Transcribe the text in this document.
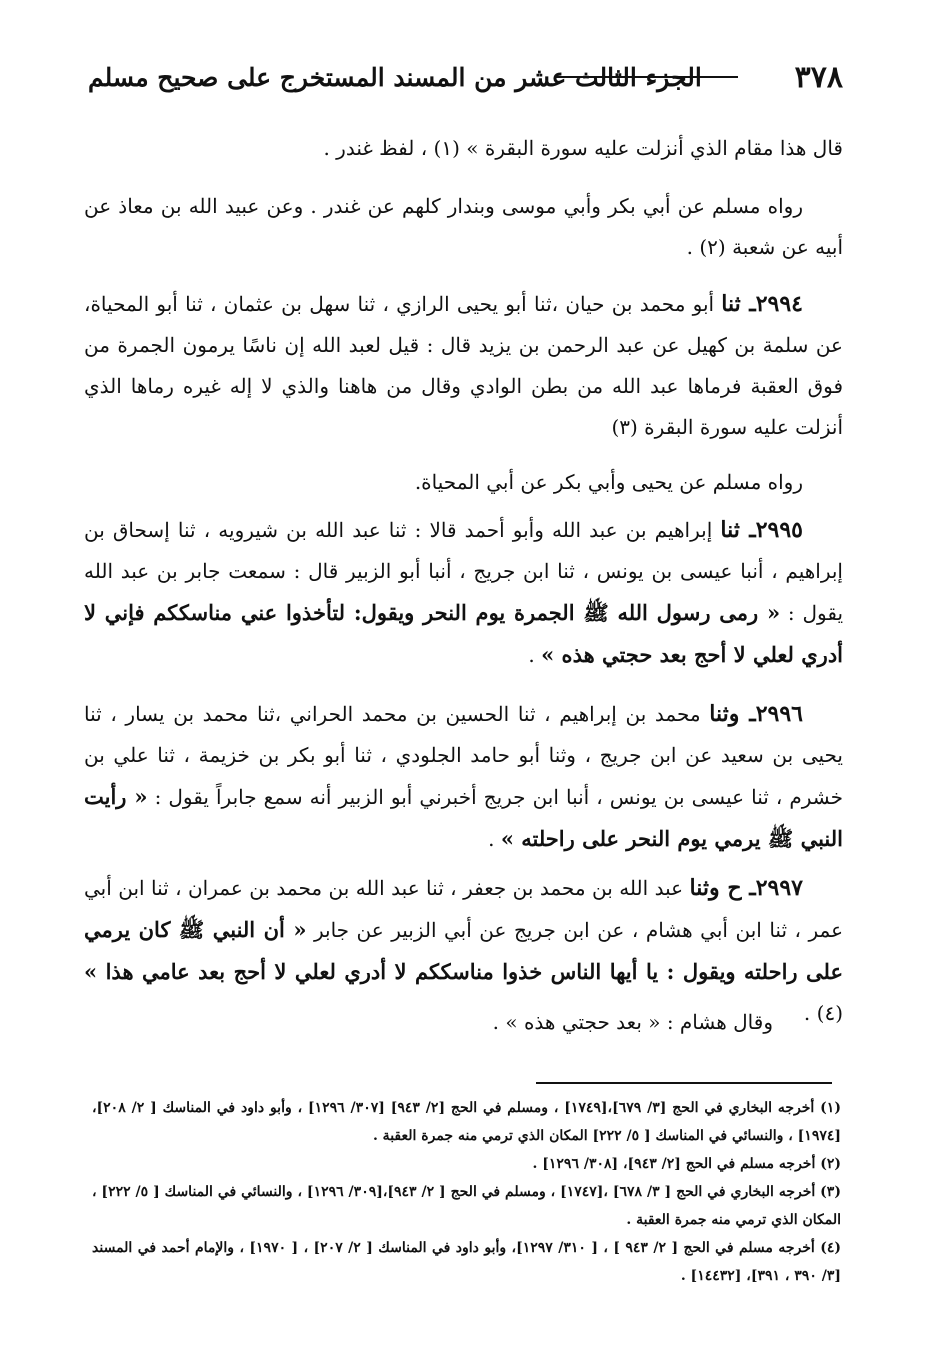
٣٧٨
الجزء الثالث عشر من المسند المستخرج على صحيح مسلم

قال هذا مقام الذي أنزلت عليه سورة البقرة » (١) ، لفظ غندر .

رواه مسلم عن أبي بكر وأبي موسى وبندار كلهم عن غندر . وعن عبيد الله بن معاذ عن أبيه عن شعبة (٢) .

٢٩٩٤ـ ثنا أبو محمد بن حيان ،ثنا أبو يحيى الرازي ، ثنا سهل بن عثمان ، ثنا أبو المحياة، عن سلمة بن كهيل عن عبد الرحمن بن يزيد قال : قيل لعبد الله إن ناسًا يرمون الجمرة من فوق العقبة فرماها عبد الله من بطن الوادي وقال من هاهنا والذي لا إله غيره رماها الذي أنزلت عليه سورة البقرة (٣)

رواه مسلم عن يحيى وأبي بكر عن أبي المحياة.

٢٩٩٥ـ ثنا إبراهيم بن عبد الله وأبو أحمد قالا : ثنا عبد الله بن شيرويه ، ثنا إسحاق بن إبراهيم ، أنبا عيسى بن يونس ، ثنا ابن جريج ، أنبا أبو الزبير قال : سمعت جابر بن عبد الله يقول : « رمى رسول الله ﷺ الجمرة يوم النحر ويقول: لتأخذوا عني مناسككم فإني لا أدري لعلي لا أحج بعد حجتي هذه » .

٢٩٩٦ـ وثنا محمد بن إبراهيم ، ثنا الحسين بن محمد الحراني ،ثنا محمد بن يسار ، ثنا يحيى بن سعيد عن ابن جريج ، وثنا أبو حامد الجلودي ، ثنا أبو بكر بن خزيمة ، ثنا علي بن خشرم ، ثنا عيسى بن يونس ، أنبا ابن جريج أخبرني أبو الزبير أنه سمع جابراً يقول : « رأيت النبي ﷺ يرمي يوم النحر على راحلته » .

٢٩٩٧ـ ح وثنا عبد الله بن محمد بن جعفر ، ثنا عبد الله بن محمد بن عمران ، ثنا ابن أبي عمر ، ثنا ابن أبي هشام ، عن ابن جريج عن أبي الزبير عن جابر « أن النبي ﷺ كان يرمي على راحلته ويقول : يا أيها الناس خذوا مناسككم لا أدري لعلي لا أحج بعد عامي هذا » (٤) .

وقال هشام : « بعد حجتي هذه » .

(١) أخرجه البخاري في الحج [٣/ ٦٧٩]،[١٧٤٩] ، ومسلم في الحج [٢/ ٩٤٣] [٣٠٧/ ١٢٩٦] ، وأبو داود في المناسك [ ٢/ ٢٠٨]،[١٩٧٤] ، والنسائي في المناسك [ ٥/ ٢٢٢] المكان الذي ترمي منه جمرة العقبة .

(٢) أخرجه مسلم في الحج [٢/ ٩٤٣]، [٣٠٨/ ١٢٩٦] .

(٣) أخرجه البخاري في الحج [ ٣/ ٦٧٨] ،[١٧٤٧] ، ومسلم في الحج [ ٢/ ٩٤٣]،[٣٠٩/ ١٢٩٦] ، والنسائي في المناسك [ ٥/ ٢٢٢] ، المكان الذي ترمي منه جمرة العقبة .

(٤) أخرجه مسلم في الحج [ ٢/ ٩٤٣ ] ، [ ٣١٠/ ١٢٩٧]، وأبو داود في المناسك [ ٢/ ٢٠٧] ، [ ١٩٧٠] ، والإمام أحمد في المسند [٣/ ٣٩٠ ، ٣٩١]، [١٤٤٣٢] .
